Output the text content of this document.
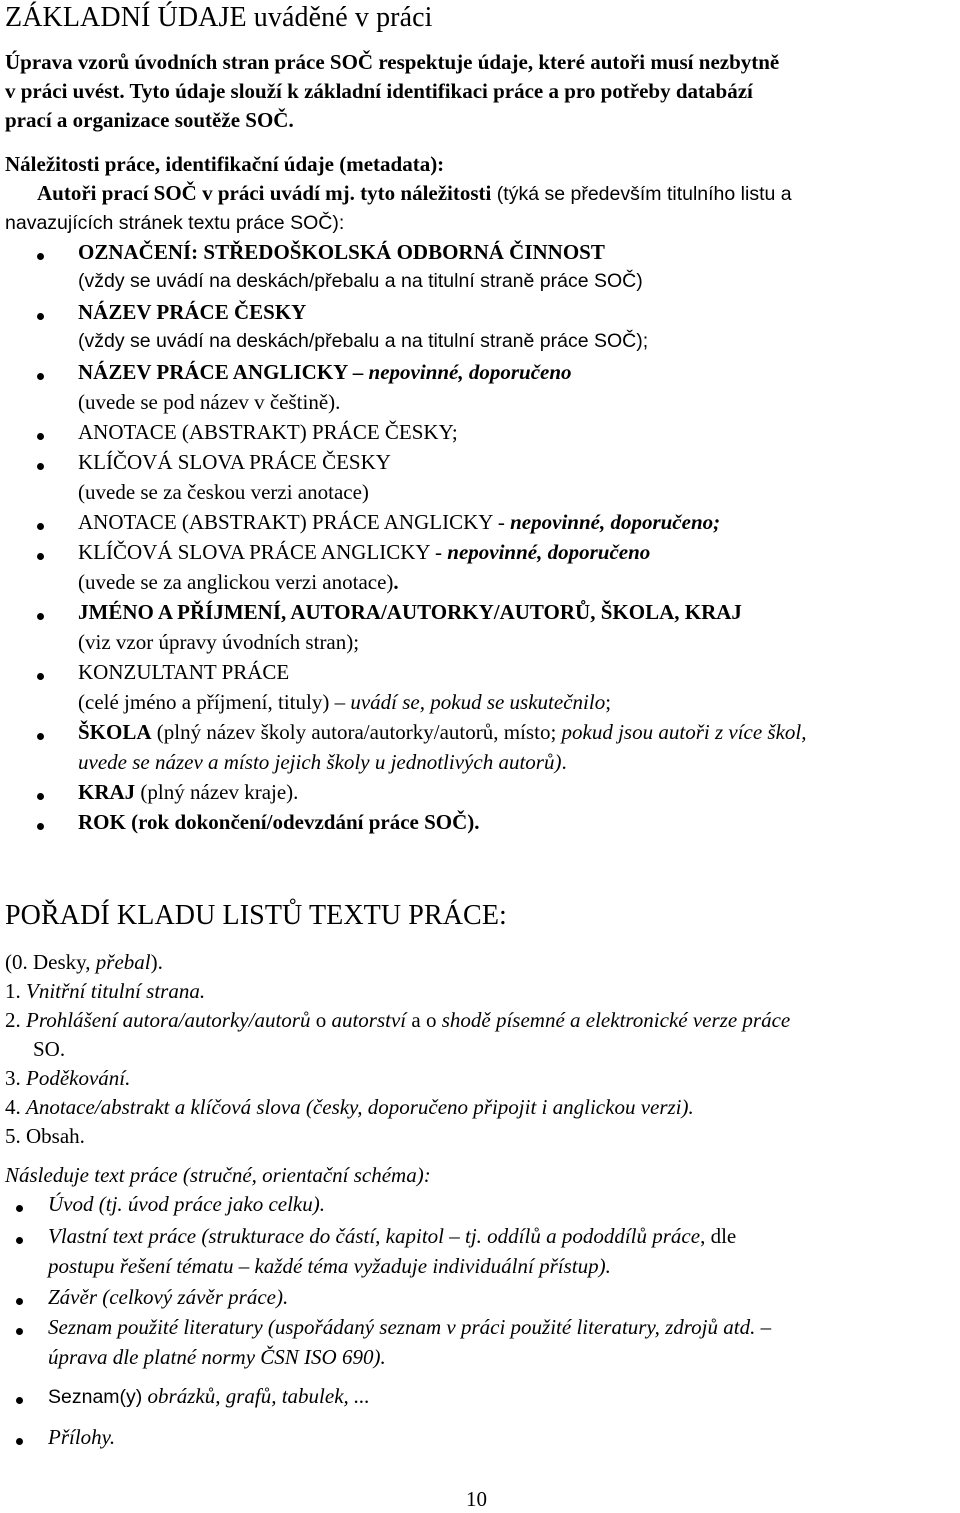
ZÁKLADNÍ ÚDAJE uváděné v práci
Úprava vzorů úvodních stran práce SOČ respektuje údaje, které autoři musí nezbytně
v práci uvést. Tyto údaje slouží k základní identifikaci práce a pro potřeby databází
prací a organizace soutěže SOČ.
Náležitosti práce, identifikační údaje (metadata):
Autoři prací SOČ v práci uvádí mj. tyto náležitosti (týká se především titulního listu a
navazujících stránek textu práce SOČ):
OZNAČENÍ: STŘEDOŠKOLSKÁ ODBORNÁ ČINNOST
(vždy se uvádí na deskách/přebalu a na titulní straně práce SOČ)
NÁZEV PRÁCE ČESKY
(vždy se uvádí na deskách/přebalu a na titulní straně práce SOČ);
NÁZEV PRÁCE ANGLICKY – nepovinné, doporučeno
(uvede se pod název v češtině).
ANOTACE (ABSTRAKT) PRÁCE ČESKY;
KLÍČOVÁ SLOVA PRÁCE ČESKY
(uvede se za českou verzi anotace)
ANOTACE (ABSTRAKT) PRÁCE ANGLICKY - nepovinné, doporučeno;
KLÍČOVÁ SLOVA PRÁCE ANGLICKY - nepovinné, doporučeno
(uvede se za anglickou verzi anotace).
JMÉNO A PŘÍJMENÍ, AUTORA/AUTORKY/AUTORŮ, ŠKOLA, KRAJ
(viz vzor úpravy úvodních stran);
KONZULTANT PRÁCE
(celé jméno a příjmení, tituly) – uvádí se, pokud se uskutečnilo;
ŠKOLA (plný název školy autora/autorky/autorů, místo; pokud jsou autoři z více škol,
uvede se název a místo jejich školy u jednotlivých autorů).
KRAJ (plný název kraje).
ROK (rok dokončení/odevzdání práce SOČ).
POŘADÍ KLADU LISTŮ TEXTU PRÁCE:
(0. Desky, přebal).
1. Vnitřní titulní strana.
2. Prohlášení autora/autorky/autorů o autorství a o shodě písemné a elektronické verze práce
SO.
3. Poděkování.
4. Anotace/abstrakt a klíčová slova (česky, doporučeno připojit i anglickou verzi).
5. Obsah.
Následuje text práce (stručné, orientační schéma):
Úvod (tj. úvod práce jako celku).
Vlastní text práce (strukturace do částí, kapitol – tj. oddílů a pododdílů práce, dle
postupu řešení tématu – každé téma vyžaduje individuální přístup).
Závěr (celkový závěr práce).
Seznam použité literatury (uspořádaný seznam v práci použité literatury, zdrojů atd. –
úprava dle platné normy ČSN ISO 690).
Seznam(y) obrázků, grafů, tabulek, ...
Přílohy.
10
